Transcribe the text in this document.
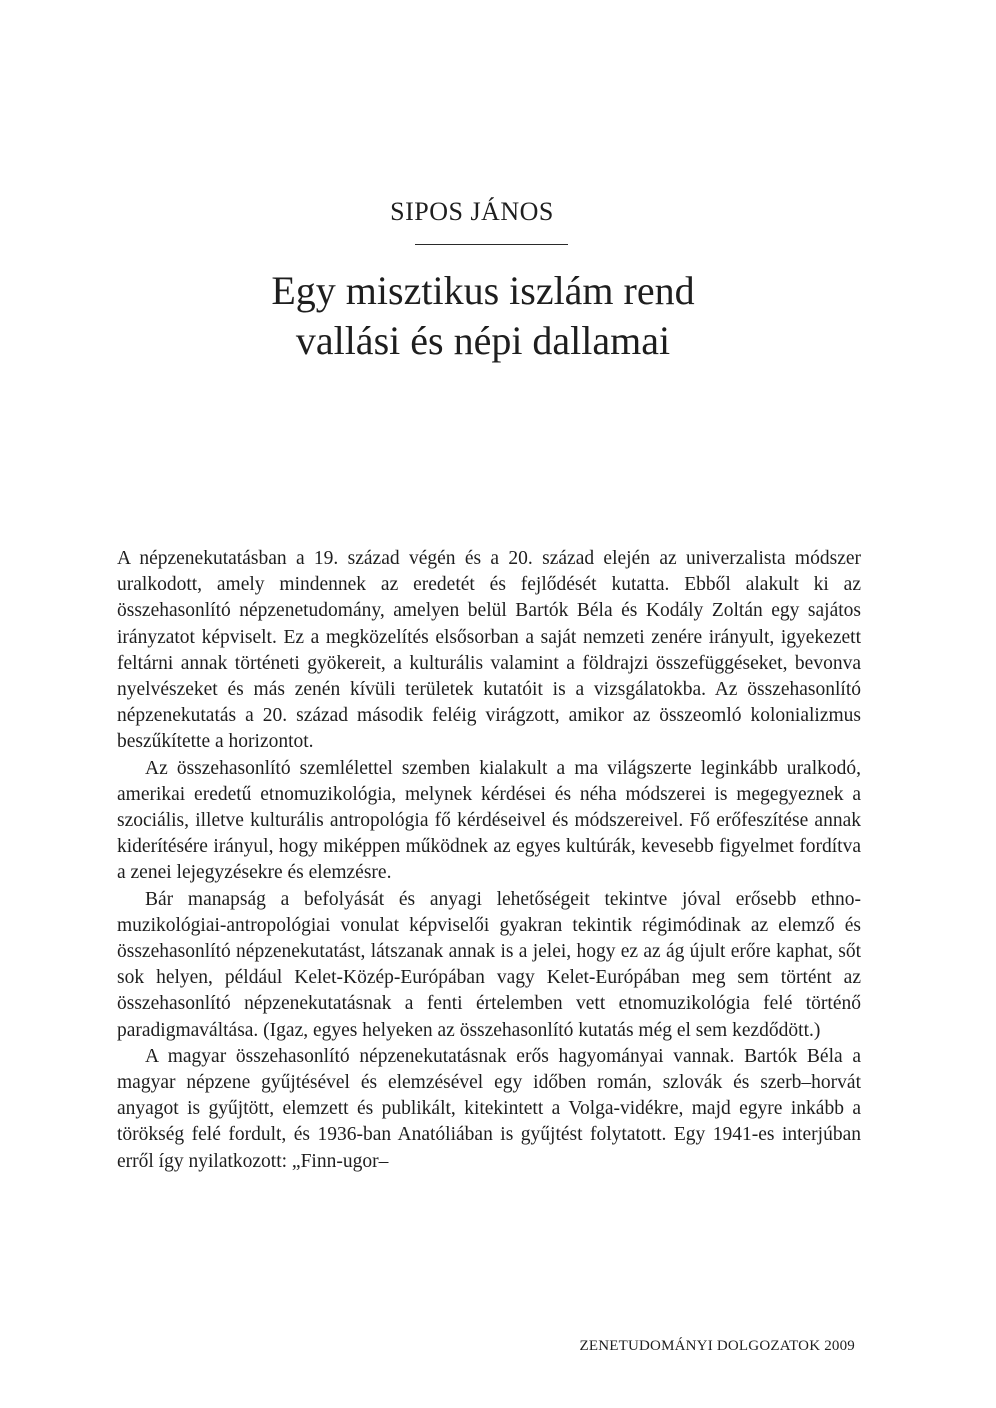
SIPOS JÁNOS
Egy misztikus iszlám rend
vallási és népi dallamai

A népzenekutatásban a 19. század végén és a 20. század elején az univerzalista módszer uralkodott, amely mindennek az eredetét és fejlődését kutatta. Ebből alakult ki az összehasonlító népzenetudomány, amelyen belül Bartók Béla és Kodály Zoltán egy sajátos irányzatot képviselt. Ez a megközelítés elsősorban a saját nemzeti zenére irányult, igyekezett feltárni annak történeti gyökereit, a kulturális valamint a földrajzi összefüggéseket, bevonva nyelvészeket és más zenén kívüli területek kutatóit is a vizsgálatokba. Az összehasonlító népzenekutatás a 20. század második feléig virágzott, amikor az összeomló kolonializmus beszűkítette a horizontot.

Az összehasonlító szemlélettel szemben kialakult a ma világszerte leginkább uralkodó, amerikai eredetű etnomuzikológia, melynek kérdései és néha módszerei is megegyeznek a szociális, illetve kulturális antropológia fő kérdéseivel és módszereivel. Fő erőfeszítése annak kiderítésére irányul, hogy miképpen működnek az egyes kultúrák, kevesebb figyelmet fordítva a zenei lejegyzésekre és elemzésre.

Bár manapság a befolyását és anyagi lehetőségeit tekintve jóval erősebb ethnomuzikológiai-antropológiai vonulat képviselői gyakran tekintik régimódinak az elemző és összehasonlító népzenekutatást, látszanak annak is a jelei, hogy ez az ág újult erőre kaphat, sőt sok helyen, például Kelet-Közép-Európában vagy Kelet-Európában meg sem történt az összehasonlító népzenekutatásnak a fenti értelemben vett etnomuzikológia felé történő paradigmaváltása. (Igaz, egyes helyeken az összehasonlító kutatás még el sem kezdődött.)

A magyar összehasonlító népzenekutatásnak erős hagyományai vannak. Bartók Béla a magyar népzene gyűjtésével és elemzésével egy időben román, szlovák és szerb–horvát anyagot is gyűjtött, elemzett és publikált, kitekintett a Volga-vidékre, majd egyre inkább a törökség felé fordult, és 1936-ban Anatóliában is gyűjtést folytatott. Egy 1941-es interjúban erről így nyilatkozott: „Finn-ugor–

ZENETUDOMÁNYI DOLGOZATOK 2009
